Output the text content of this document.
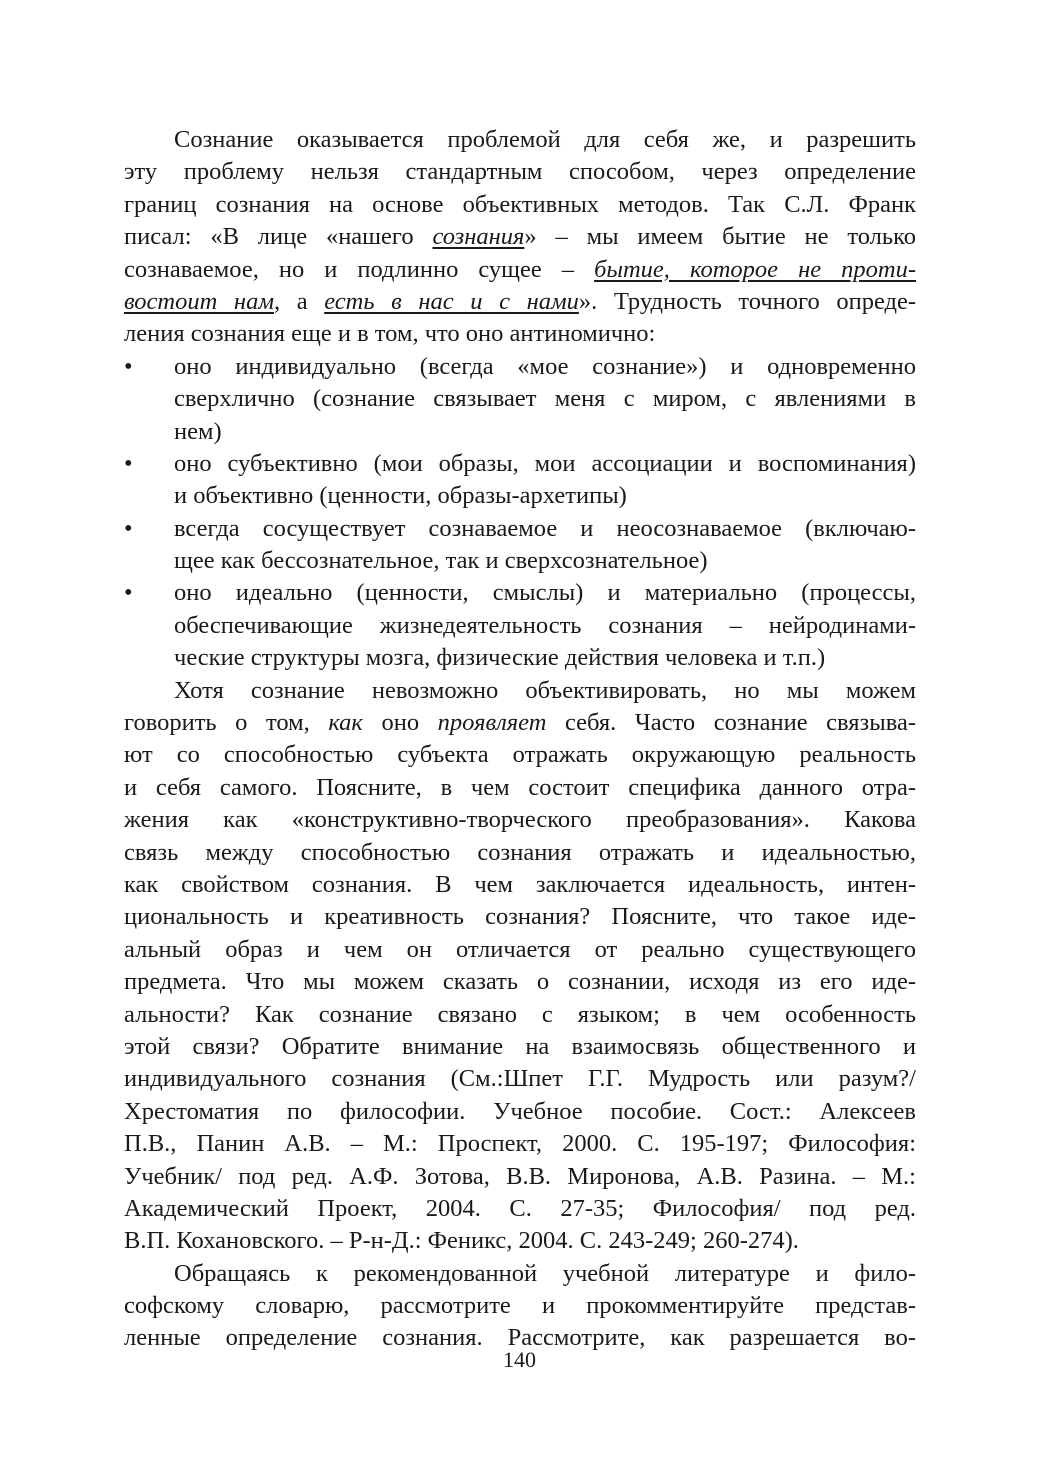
Сознание оказывается проблемой для себя же, и разрешить
эту проблему нельзя стандартным способом, через определение
границ сознания на основе объективных методов. Так С.Л. Франк
писал: «В лице «нашего сознания» – мы имеем бытие не только
сознаваемое, но и подлинно сущее – бытие, которое не проти-
востоит нам, а есть в нас и с нами». Трудность точного опреде-
ления сознания еще и в том, что оно антиномично:
• оно индивидуально (всегда «мое сознание») и одновременно
сверхлично (сознание связывает меня с миром, с явлениями в
нем)
• оно субъективно (мои образы, мои ассоциации и воспоминания)
и объективно (ценности, образы-архетипы)
• всегда сосуществует сознаваемое и неосознаваемое (включаю-
щее как бессознательное, так и сверхсознательное)
• оно идеально (ценности, смыслы) и материально (процессы,
обеспечивающие жизнедеятельность сознания – нейродинами-
ческие структуры мозга, физические действия человека и т.п.)
Хотя сознание невозможно объективировать, но мы можем
говорить о том, как оно проявляет себя. Часто сознание связыва-
ют со способностью субъекта отражать окружающую реальность
и себя самого. Поясните, в чем состоит специфика данного отра-
жения как «конструктивно-творческого преобразования». Какова
связь между способностью сознания отражать и идеальностью,
как свойством сознания. В чем заключается идеальность, интен-
циональность и креативность сознания? Поясните, что такое иде-
альный образ и чем он отличается от реально существующего
предмета. Что мы можем сказать о сознании, исходя из его иде-
альности? Как сознание связано с языком; в чем особенность
этой связи? Обратите внимание на взаимосвязь общественного и
индивидуального сознания (См.:Шпет Г.Г. Мудрость или разум?/
Хрестоматия по философии. Учебное пособие. Сост.: Алексеев
П.В., Панин А.В. – М.: Проспект, 2000. С. 195-197; Философия:
Учебник/ под ред. А.Ф. Зотова, В.В. Миронова, А.В. Разина. – М.:
Академический Проект, 2004. С. 27-35; Философия/ под ред.
В.П. Кохановского. – Р-н-Д.: Феникс, 2004. С. 243-249; 260-274).
Обращаясь к рекомендованной учебной литературе и фило-
софскому словарю, рассмотрите и прокомментируйте представ-
ленные определение сознания. Рассмотрите, как разрешается во-
140
